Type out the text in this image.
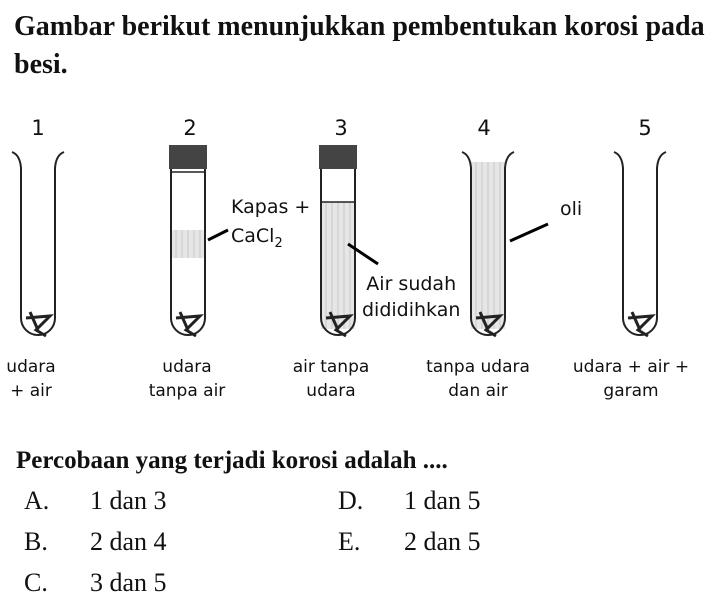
Gambar berikut menunjukkan pembentukan korosi pada besi.
1	2	3	4	5
Kapas +
CaCl$_2$
Air sudah
dididihkan
oli
udara
+ air
udara
tanpa air
air tanpa
udara
tanpa udara
dan air
udara + air +
garam
Percobaan yang terjadi korosi adalah ....
A. 1 dan 3
B. 2 dan 4
C. 3 dan 5
D. 1 dan 5
E. 2 dan 5
